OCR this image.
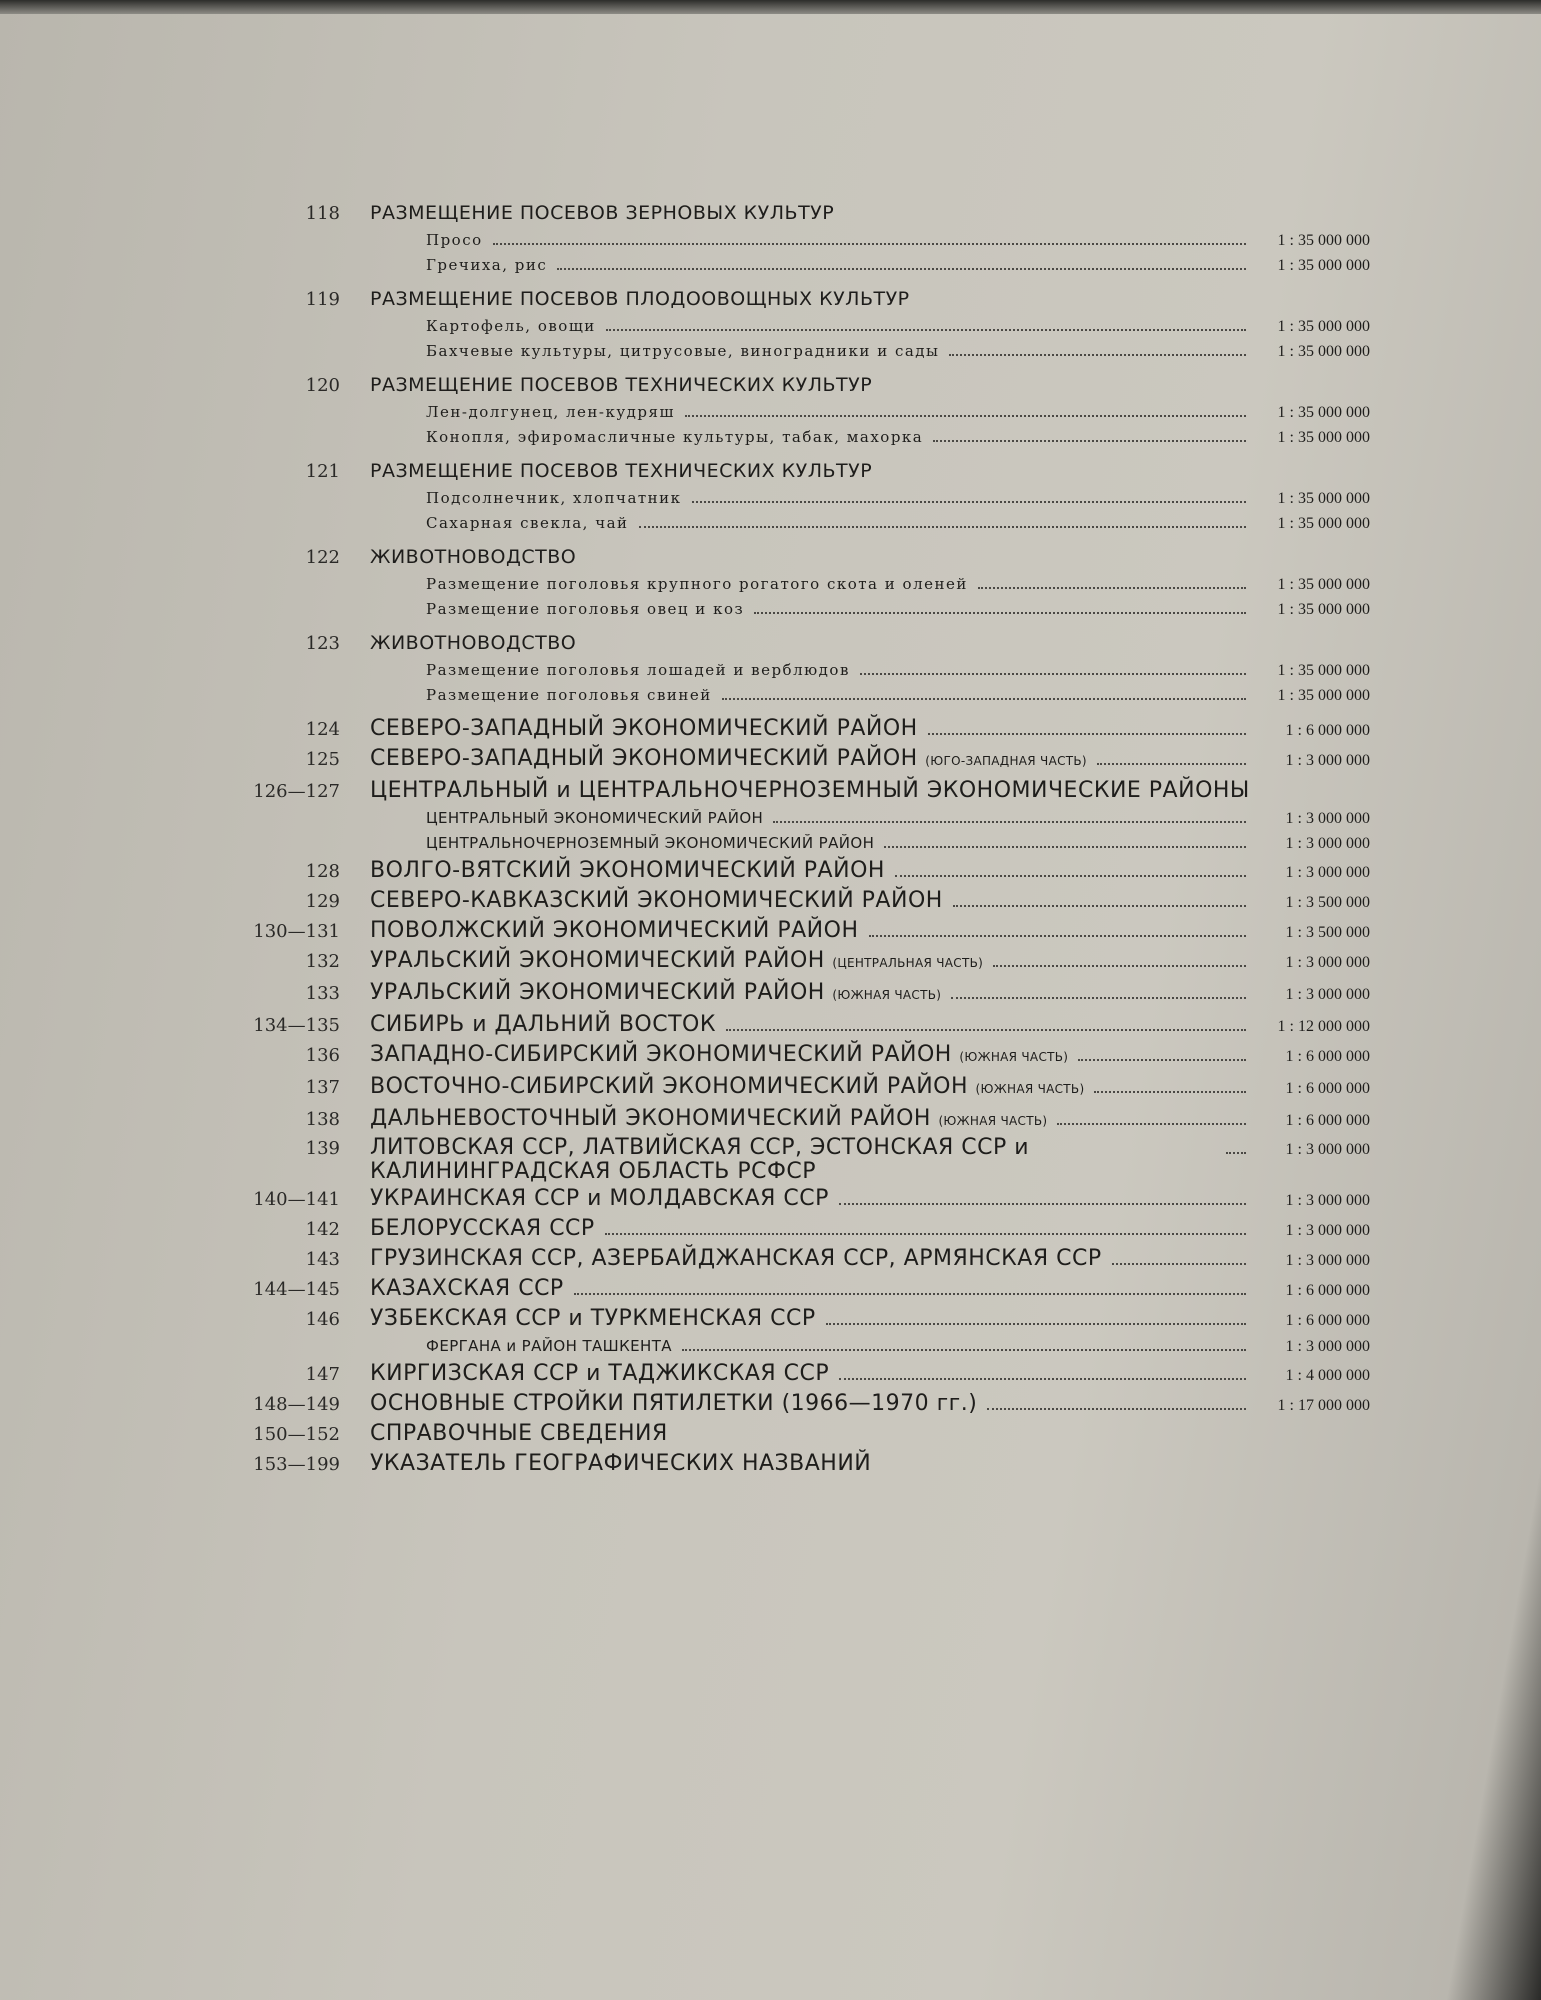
118	РАЗМЕЩЕНИЕ ПОСЕВОВ ЗЕРНОВЫХ КУЛЬТУР
Просо	1 : 35 000 000
Гречиха, рис	1 : 35 000 000
119	РАЗМЕЩЕНИЕ ПОСЕВОВ ПЛОДООВОЩНЫХ КУЛЬТУР
Картофель, овощи	1 : 35 000 000
Бахчевые культуры, цитрусовые, виноградники и сады	1 : 35 000 000
120	РАЗМЕЩЕНИЕ ПОСЕВОВ ТЕХНИЧЕСКИХ КУЛЬТУР
Лен-долгунец, лен-кудряш	1 : 35 000 000
Конопля, эфиромасличные культуры, табак, махорка	1 : 35 000 000
121	РАЗМЕЩЕНИЕ ПОСЕВОВ ТЕХНИЧЕСКИХ КУЛЬТУР
Подсолнечник, хлопчатник	1 : 35 000 000
Сахарная свекла, чай	1 : 35 000 000
122	ЖИВОТНОВОДСТВО
Размещение поголовья крупного рогатого скота и оленей	1 : 35 000 000
Размещение поголовья овец и коз	1 : 35 000 000
123	ЖИВОТНОВОДСТВО
Размещение поголовья лошадей и верблюдов	1 : 35 000 000
Размещение поголовья свиней	1 : 35 000 000
124	СЕВЕРО-ЗАПАДНЫЙ ЭКОНОМИЧЕСКИЙ РАЙОН	1 : 6 000 000
125	СЕВЕРО-ЗАПАДНЫЙ ЭКОНОМИЧЕСКИЙ РАЙОН (ЮГО-ЗАПАДНАЯ ЧАСТЬ)	1 : 3 000 000
126—127	ЦЕНТРАЛЬНЫЙ и ЦЕНТРАЛЬНОЧЕРНОЗЕМНЫЙ ЭКОНОМИЧЕСКИЕ РАЙОНЫ
ЦЕНТРАЛЬНЫЙ ЭКОНОМИЧЕСКИЙ РАЙОН	1 : 3 000 000
ЦЕНТРАЛЬНОЧЕРНОЗЕМНЫЙ ЭКОНОМИЧЕСКИЙ РАЙОН	1 : 3 000 000
128	ВОЛГО-ВЯТСКИЙ ЭКОНОМИЧЕСКИЙ РАЙОН	1 : 3 000 000
129	СЕВЕРО-КАВКАЗСКИЙ ЭКОНОМИЧЕСКИЙ РАЙОН	1 : 3 500 000
130—131	ПОВОЛЖСКИЙ ЭКОНОМИЧЕСКИЙ РАЙОН	1 : 3 500 000
132	УРАЛЬСКИЙ ЭКОНОМИЧЕСКИЙ РАЙОН (ЦЕНТРАЛЬНАЯ ЧАСТЬ)	1 : 3 000 000
133	УРАЛЬСКИЙ ЭКОНОМИЧЕСКИЙ РАЙОН (ЮЖНАЯ ЧАСТЬ)	1 : 3 000 000
134—135	СИБИРЬ и ДАЛЬНИЙ ВОСТОК	1 : 12 000 000
136	ЗАПАДНО-СИБИРСКИЙ ЭКОНОМИЧЕСКИЙ РАЙОН (ЮЖНАЯ ЧАСТЬ)	1 : 6 000 000
137	ВОСТОЧНО-СИБИРСКИЙ ЭКОНОМИЧЕСКИЙ РАЙОН (ЮЖНАЯ ЧАСТЬ)	1 : 6 000 000
138	ДАЛЬНЕВОСТОЧНЫЙ ЭКОНОМИЧЕСКИЙ РАЙОН (ЮЖНАЯ ЧАСТЬ)	1 : 6 000 000
139	ЛИТОВСКАЯ ССР, ЛАТВИЙСКАЯ ССР, ЭСТОНСКАЯ ССР и КАЛИНИНГРАДСКАЯ ОБЛАСТЬ РСФСР
1 : 3 000 000
140—141	УКРАИНСКАЯ ССР и МОЛДАВСКАЯ ССР	1 : 3 000 000
142	БЕЛОРУССКАЯ ССР	1 : 3 000 000
143	ГРУЗИНСКАЯ ССР, АЗЕРБАЙДЖАНСКАЯ ССР, АРМЯНСКАЯ ССР	1 : 3 000 000
144—145	КАЗАХСКАЯ ССР	1 : 6 000 000
146	УЗБЕКСКАЯ ССР и ТУРКМЕНСКАЯ ССР	1 : 6 000 000
ФЕРГАНА и РАЙОН ТАШКЕНТА	1 : 3 000 000
147	КИРГИЗСКАЯ ССР и ТАДЖИКСКАЯ ССР	1 : 4 000 000
148—149	ОСНОВНЫЕ СТРОЙКИ ПЯТИЛЕТКИ (1966—1970 гг.)	1 : 17 000 000
150—152	СПРАВОЧНЫЕ СВЕДЕНИЯ
153—199	УКАЗАТЕЛЬ ГЕОГРАФИЧЕСКИХ НАЗВАНИЙ
